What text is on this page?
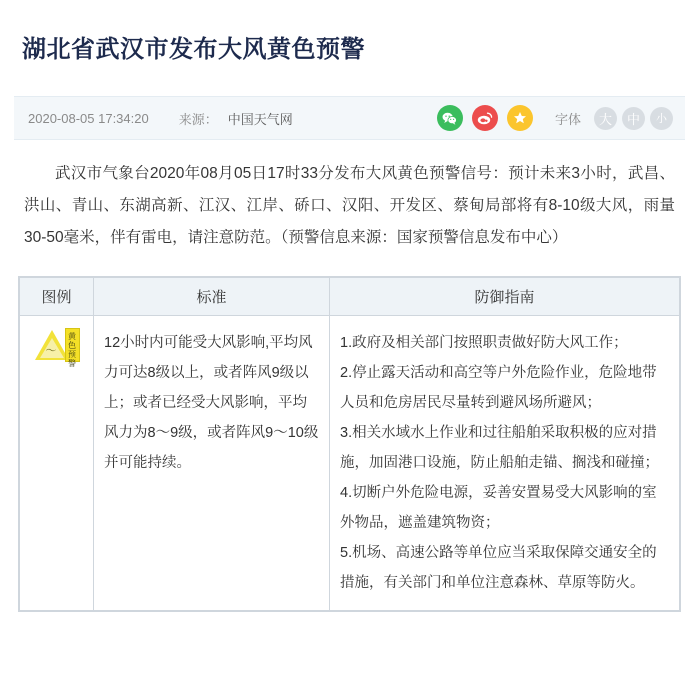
湖北省武汉市发布大风黄色预警
2020-08-05 17:34:20 来源： 中国天气网	字体	大	中	小

武汉市气象台2020年08月05日17时33分发布大风黄色预警信号：预计未来3小时，武昌、洪山、青山、东湖高新、江汉、江岸、硚口、汉阳、开发区、蔡甸局部将有8-10级大风，雨量30-50毫米，伴有雷电，请注意防范。（预警信息来源：国家预警信息发布中心）

图例	标准	防御指南

〜
黄色预警	12小时内可能受大风影响,平均风力可达8级以上，或者阵风9级以上；或者已经受大风影响，平均风力为8～9级，或者阵风9～10级并可能持续。	1.政府及相关部门按照职责做好防大风工作；
2.停止露天活动和高空等户外危险作业，危险地带人员和危房居民尽量转到避风场所避风；
3.相关水域水上作业和过往船舶采取积极的应对措施，加固港口设施，防止船舶走锚、搁浅和碰撞；
4.切断户外危险电源，妥善安置易受大风影响的室外物品，遮盖建筑物资；
5.机场、高速公路等单位应当采取保障交通安全的措施，有关部门和单位注意森林、草原等防火。
